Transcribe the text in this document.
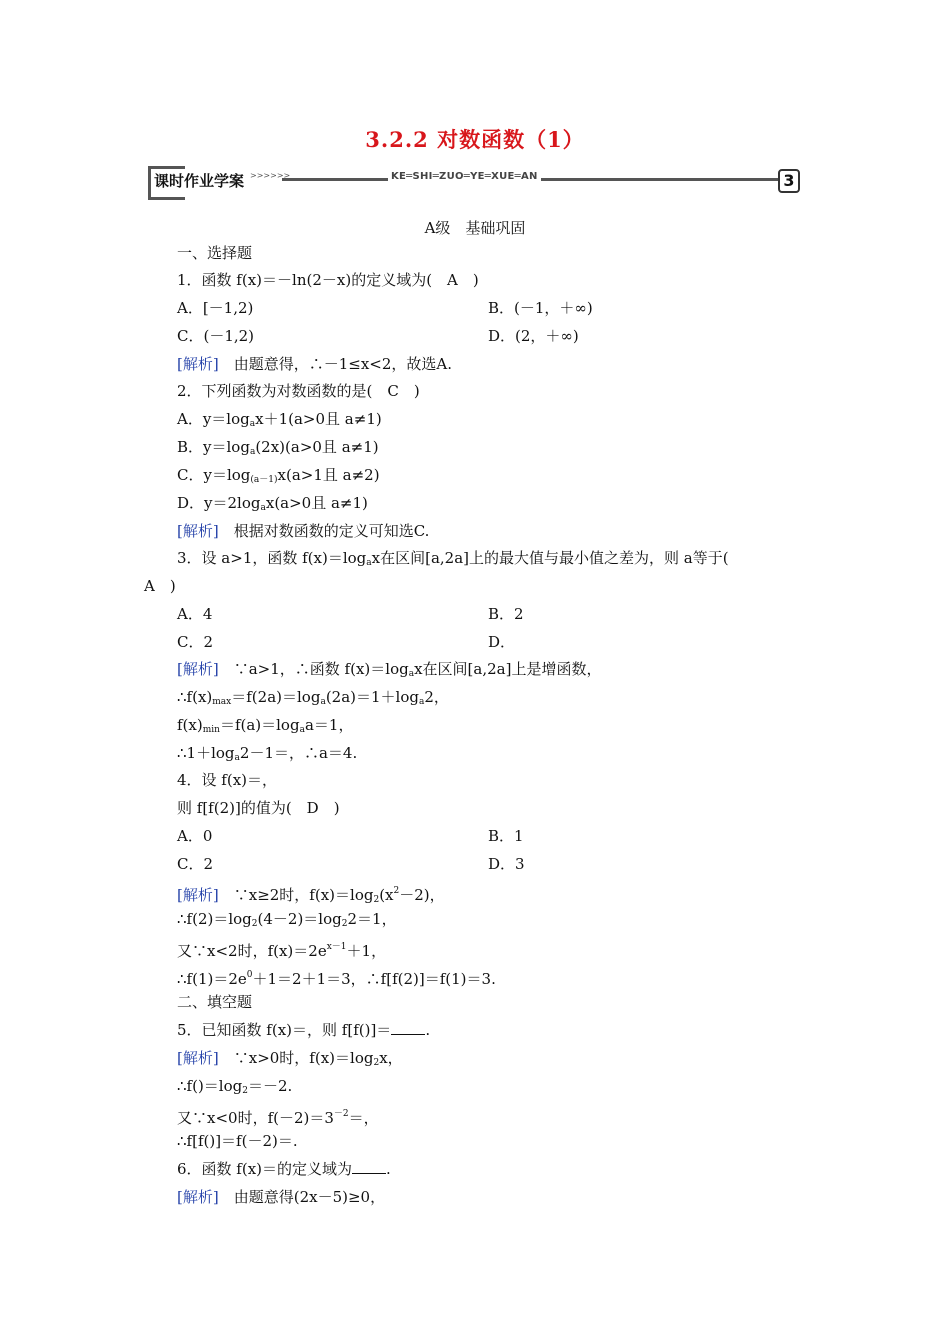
3.2.2 对数函数（1）
课时作业学案 >>>>>>	KE═SHI═ZUO═YE═XUE═AN	3
A级　基础巩固
一、选择题
1．函数 f(x)＝－ln(2－x)的定义域为(　A　)
A．[－1,2)	B．(－1，＋∞)
C．(－1,2)	D．(2，＋∞)
[解析]　 由题意得，∴－1≤x<2，故选A.
2．下列函数为对数函数的是(　C　)
A．$y=\log_ax+1(a>0$且 a≠1)
B．$y=\log_a(2x)(a>0$且 a≠1)
C．$y=\log_{(a-1)}x(a>1$且 a≠2)
D．$y=2\log_ax(a>0$且 a≠1)
[解析]　 根据对数函数的定义可知选C.
3．设 a>1，函数 $f(x)=\log_ax$在区间[a,2a]上的最大值与最小值之差为，则 a等于(
A　)
A．4	B．2
C．2	D．
[解析]　 ∵a>1，∴函数 $f(x)=\log_ax$在区间[a,2a]上是增函数，
$\therefore f(x)_{max}=f(2a)=\log_a(2a)=1+\log_a2$，
$f(x)_{min}=f(a)=\log_aa=1$，
$\therefore 1+\log_a2-1=$，∴a＝4.
4．设 f(x)＝，
则 f[f(2)]的值为(　D　)
A．0	B．1
C．2	D．3
[解析]　 ∵x≥2时，$f(x)=\log_2(x^2-2)$，
$\therefore f(2)=\log_2(4-2)=\log_22=1$，
又∵x<2时，$f(x)=2e^{x-1}+1$，
$\therefore f(1)=2e^0+1=2+1=3$，∴f[f(2)]＝f(1)＝3.
二、填空题
5．已知函数 f(x)＝，则 f[f()]＝ .
[解析]　 ∵x>0时，$f(x)=\log_2x$，
$\therefore f()=\log_2=-2$.
又∵x<0时，$f(-2)=3^{-2}=$，
∴f[f()]＝f(－2)＝.
6．函数 f(x)＝的定义域为 .
[解析]　 由题意得(2x－5)≥0，
